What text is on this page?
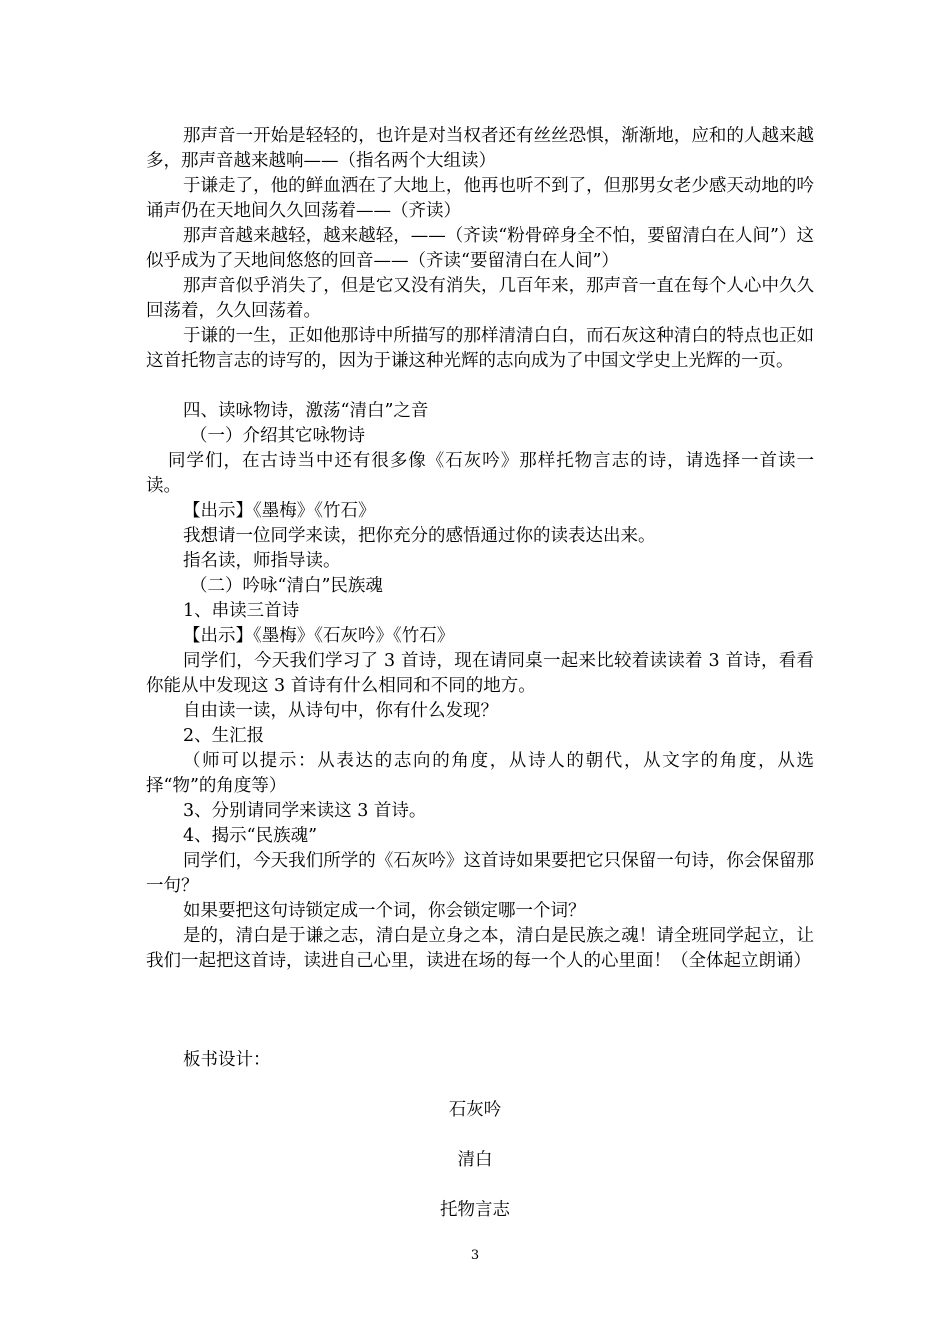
那声音一开始是轻轻的，也许是对当权者还有丝丝恐惧，渐渐地，应和的人越来越多，那声音越来越响——（指名两个大组读）

于谦走了，他的鲜血洒在了大地上，他再也听不到了，但那男女老少感天动地的吟诵声仍在天地间久久回荡着——（齐读）

那声音越来越轻，越来越轻，——（齐读“粉骨碎身全不怕，要留清白在人间”）这似乎成为了天地间悠悠的回音——（齐读“要留清白在人间”）

那声音似乎消失了，但是它又没有消失，几百年来，那声音一直在每个人心中久久回荡着，久久回荡着。

于谦的一生，正如他那诗中所描写的那样清清白白，而石灰这种清白的特点也正如这首托物言志的诗写的，因为于谦这种光辉的志向成为了中国文学史上光辉的一页。

四、读咏物诗，激荡“清白”之音

（一）介绍其它咏物诗

同学们，在古诗当中还有很多像《石灰吟》那样托物言志的诗，请选择一首读一读。

【出示】《墨梅》《竹石》

我想请一位同学来读，把你充分的感悟通过你的读表达出来。

指名读，师指导读。

（二）吟咏“清白”民族魂

1、串读三首诗

【出示】《墨梅》《石灰吟》《竹石》

同学们，今天我们学习了 3 首诗，现在请同桌一起来比较着读读着 3 首诗，看看你能从中发现这 3 首诗有什么相同和不同的地方。

自由读一读，从诗句中，你有什么发现？

2、生汇报

（师可以提示：从表达的志向的角度，从诗人的朝代，从文字的角度，从选择“物”的角度等）

3、分别请同学来读这 3 首诗。

4、揭示“民族魂”

同学们，今天我们所学的《石灰吟》这首诗如果要把它只保留一句诗，你会保留那一句？

如果要把这句诗锁定成一个词，你会锁定哪一个词？

是的，清白是于谦之志，清白是立身之本，清白是民族之魂！请全班同学起立，让我们一起把这首诗，读进自己心里，读进在场的每一个人的心里面！（全体起立朗诵）

板书设计：

石灰吟

清白

托物言志

3
